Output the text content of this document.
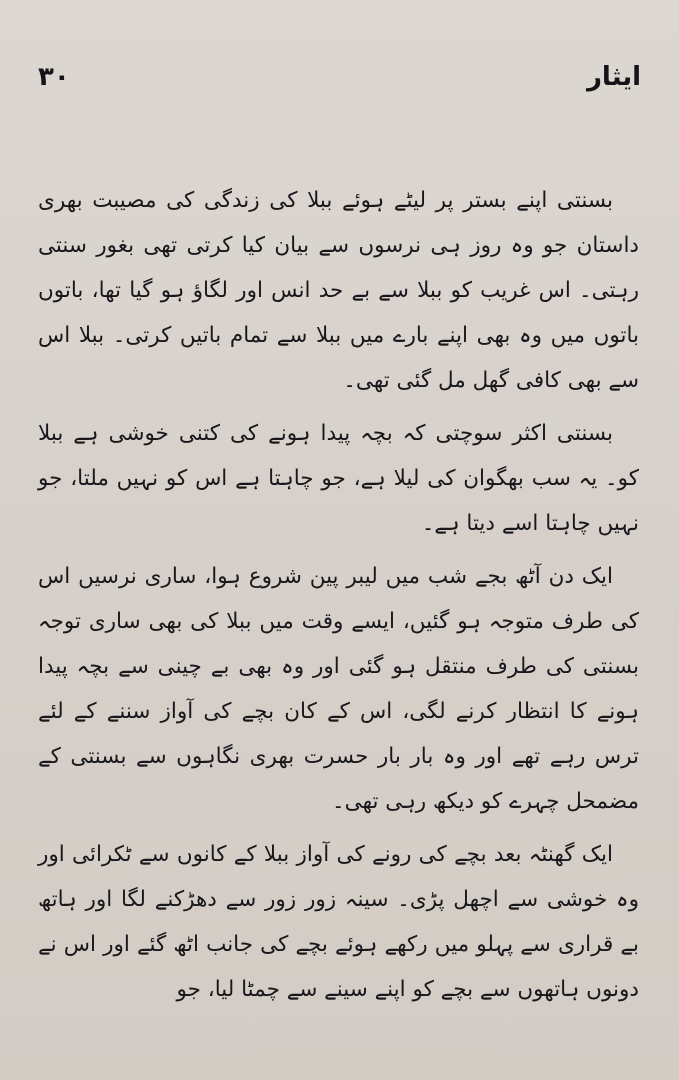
٣٠	ایثار

بسنتی اپنے بستر پر لیٹے ہوئے ببلا کی زندگی کی مصیبت بھری داستان جو وہ روز ہی نرسوں سے بیان کیا کرتی تھی بغور سنتی رہتی۔ اس غریب کو ببلا سے بے حد انس اور لگاؤ ہو گیا تھا، باتوں باتوں میں وہ بھی اپنے بارے میں ببلا سے تمام باتیں کرتی۔ ببلا اس سے بھی کافی گھل مل گئی تھی۔

بسنتی اکثر سوچتی کہ بچہ پیدا ہونے کی کتنی خوشی ہے ببلا کو۔ یہ سب بھگوان کی لیلا ہے، جو چاہتا ہے اس کو نہیں ملتا، جو نہیں چاہتا اسے دیتا ہے۔

ایک دن آٹھ بجے شب میں لیبر پین شروع ہوا، ساری نرسیں اس کی طرف متوجہ ہو گئیں، ایسے وقت میں ببلا کی بھی ساری توجہ بسنتی کی طرف منتقل ہو گئی اور وہ بھی بے چینی سے بچہ پیدا ہونے کا انتظار کرنے لگی، اس کے کان بچے کی آواز سننے کے لئے ترس رہے تھے اور وہ بار بار حسرت بھری نگاہوں سے بسنتی کے مضمحل چہرے کو دیکھ رہی تھی۔

ایک گھنٹہ بعد بچے کی رونے کی آواز ببلا کے کانوں سے ٹکرائی اور وہ خوشی سے اچھل پڑی۔ سینہ زور زور سے دھڑکنے لگا اور ہاتھ بے قراری سے پہلو میں رکھے ہوئے بچے کی جانب اٹھ گئے اور اس نے دونوں ہاتھوں سے بچے کو اپنے سینے سے چمٹا لیا، جو
